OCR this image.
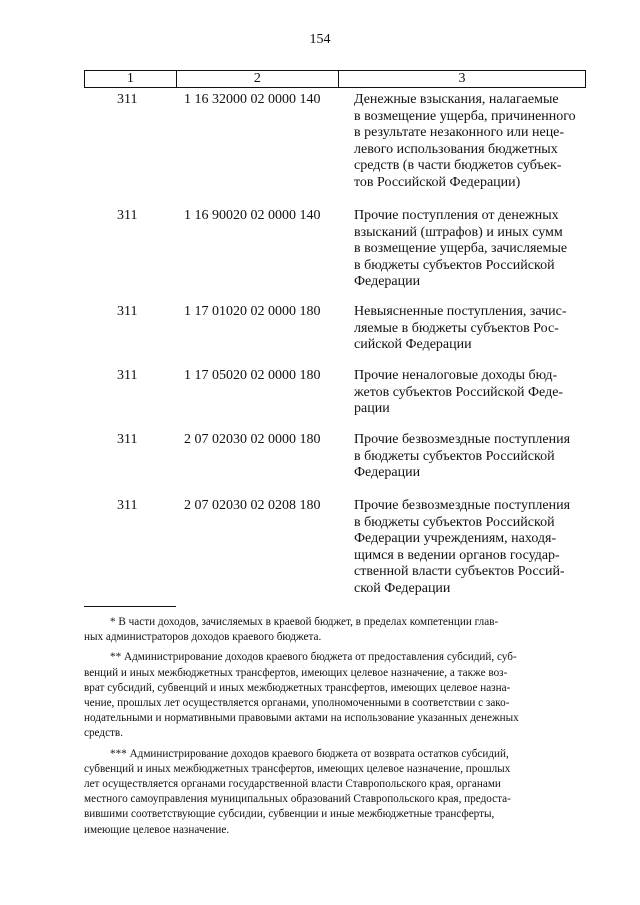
154
1	2	3
311	1 16 32000 02 0000 140 Денежные взыскания, налагаемые
в возмещение ущерба, причиненного
в результате незаконного или неце-
левого использования бюджетных
средств (в части бюджетов субъек-
тов Российской Федерации)
311	1 16 90020 02 0000 140 Прочие поступления от денежных
взысканий (штрафов) и иных сумм
в возмещение ущерба, зачисляемые
в бюджеты субъектов Российской
Федерации
311	1 17 01020 02 0000 180 Невыясненные поступления, зачис-
ляемые в бюджеты субъектов Рос-
сийской Федерации
311	1 17 05020 02 0000 180 Прочие неналоговые доходы бюд-
жетов субъектов Российской Феде-
рации
311	2 07 02030 02 0000 180 Прочие безвозмездные поступления
в бюджеты субъектов Российской
Федерации
311	2 07 02030 02 0208 180 Прочие безвозмездные поступления
в бюджеты субъектов Российской
Федерации учреждениям, находя-
щимся в ведении органов государ-
ственной власти субъектов Россий-
ской Федерации
* В части доходов, зачисляемых в краевой бюджет, в пределах компетенции глав-
ных администраторов доходов краевого бюджета.
** Администрирование доходов краевого бюджета от предоставления субсидий, суб-
венций и иных межбюджетных трансфертов, имеющих целевое назначение, а также воз-
врат субсидий, субвенций и иных межбюджетных трансфертов, имеющих целевое назна-
чение, прошлых лет осуществляется органами, уполномоченными в соответствии с зако-
нодательными и нормативными правовыми актами на использование указанных денежных
средств.
*** Администрирование доходов краевого бюджета от возврата остатков субсидий,
субвенций и иных межбюджетных трансфертов, имеющих целевое назначение, прошлых
лет осуществляется органами государственной власти Ставропольского края, органами
местного самоуправления муниципальных образований Ставропольского края, предоста-
вившими соответствующие субсидии, субвенции и иные межбюджетные трансферты,
имеющие целевое назначение.
